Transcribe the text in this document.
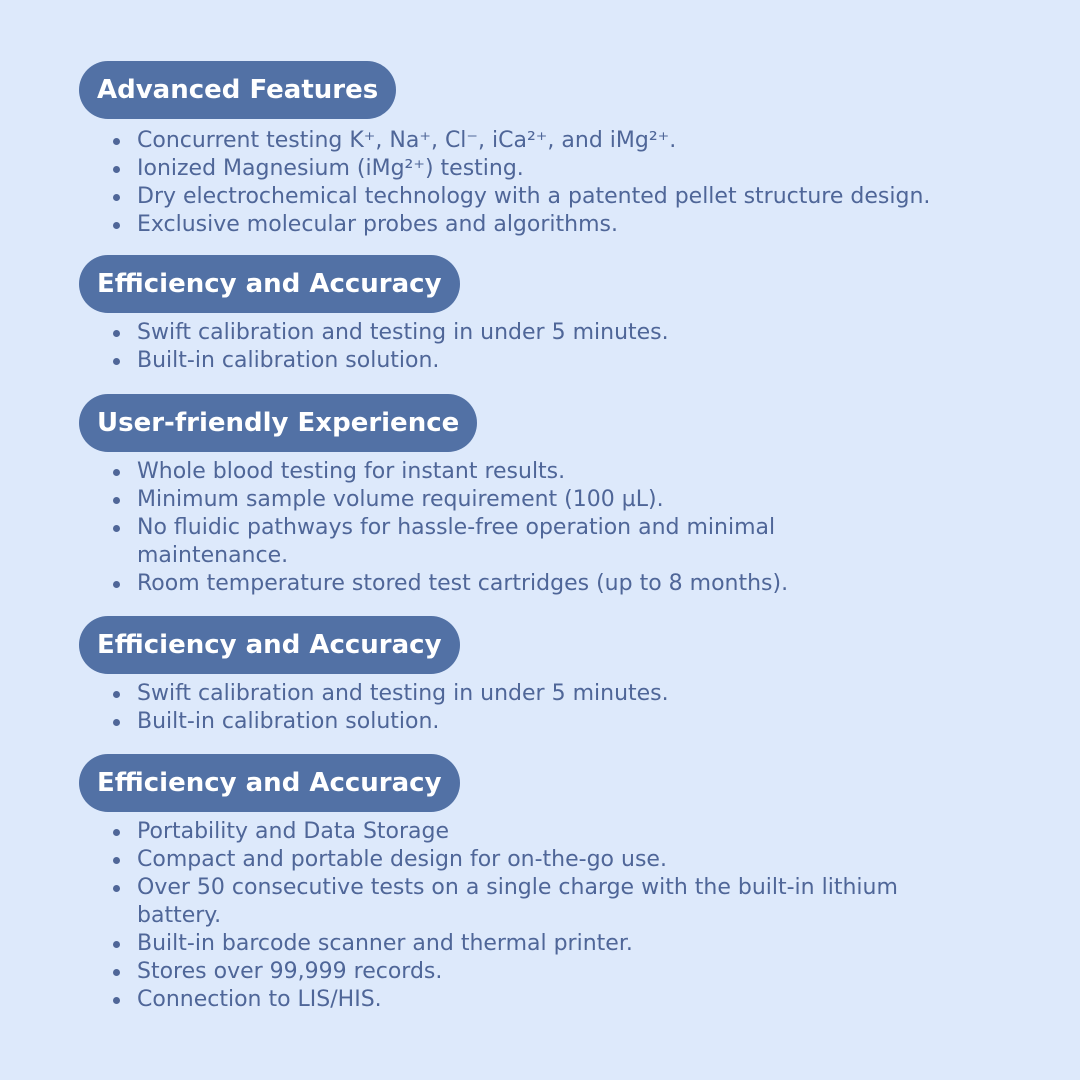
Advanced Features
Concurrent testing K⁺, Na⁺, Cl⁻, iCa²⁺, and iMg²⁺.
Ionized Magnesium (iMg²⁺) testing.
Dry electrochemical technology with a patented pellet structure design.
Exclusive molecular probes and algorithms.
Efficiency and Accuracy
Swift calibration and testing in under 5 minutes.
Built-in calibration solution.
User-friendly Experience
Whole blood testing for instant results.
Minimum sample volume requirement (100 µL).
No fluidic pathways for hassle-free operation and minimal
maintenance.
Room temperature stored test cartridges (up to 8 months).
Efficiency and Accuracy
Swift calibration and testing in under 5 minutes.
Built-in calibration solution.
Efficiency and Accuracy
Portability and Data Storage
Compact and portable design for on-the-go use.
Over 50 consecutive tests on a single charge with the built-in lithium
battery.
Built-in barcode scanner and thermal printer.
Stores over 99,999 records.
Connection to LIS/HIS.
